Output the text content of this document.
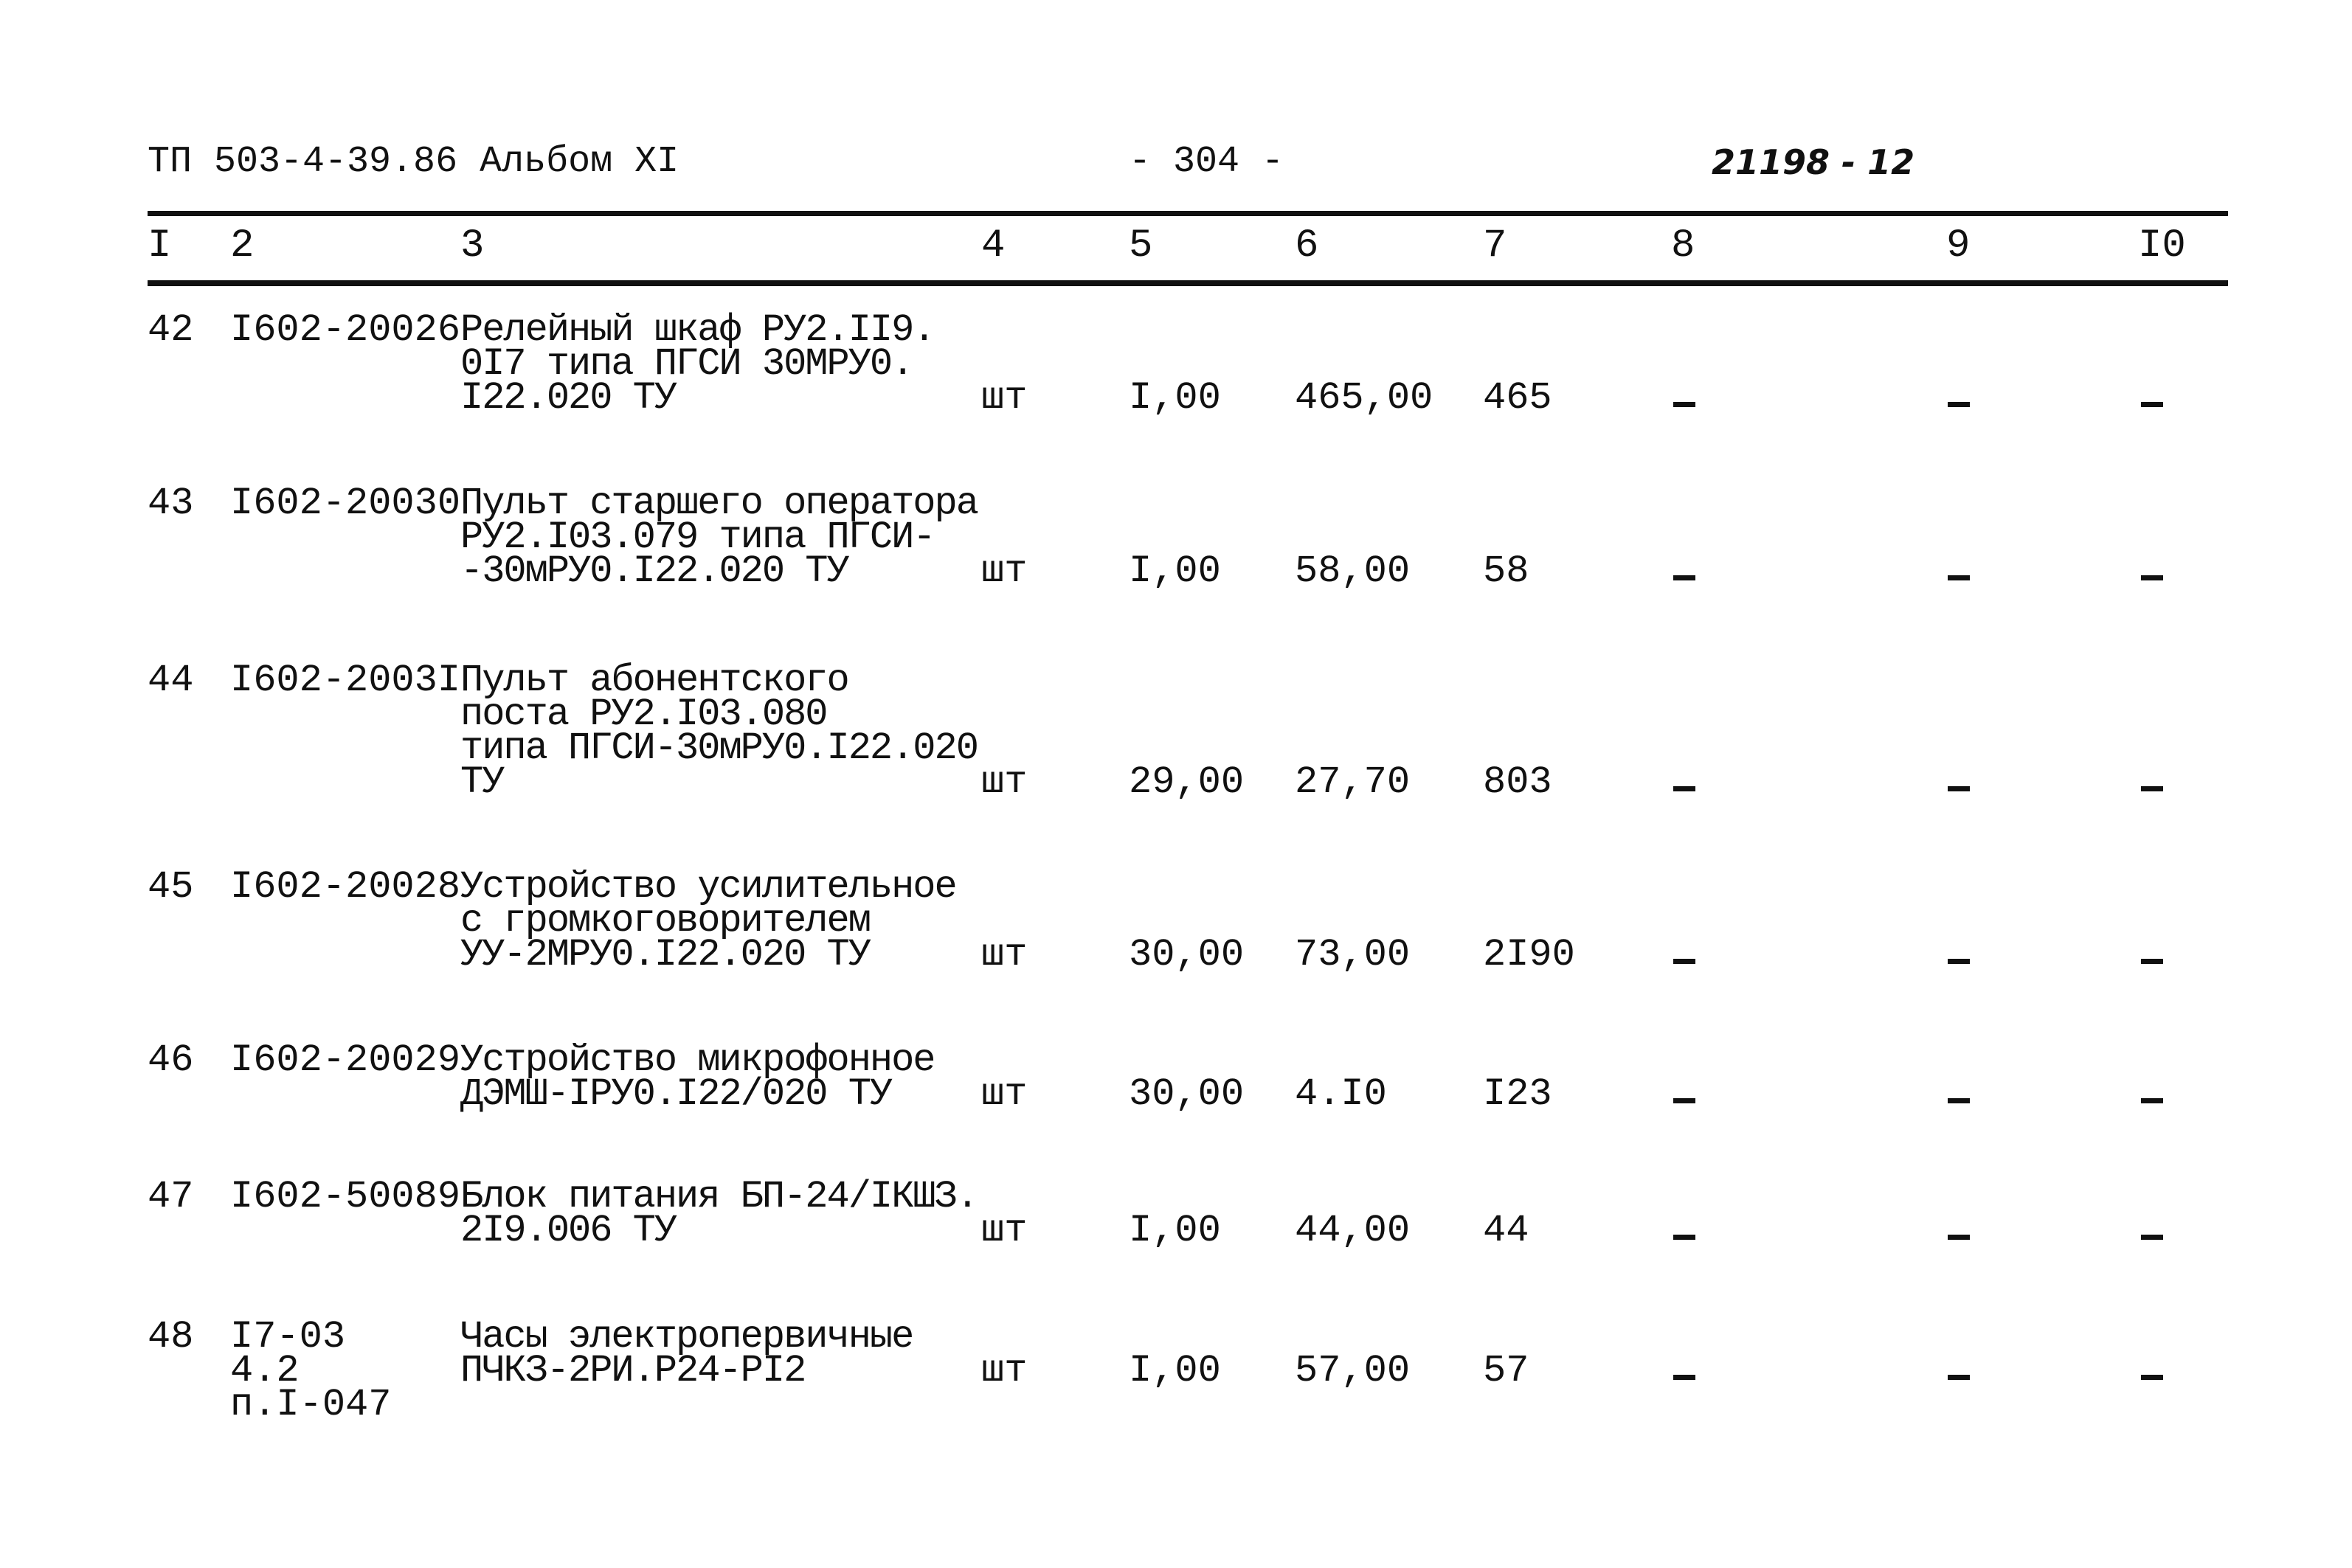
ТП 503-4-39.86 Альбом XI	- 304 -	21198 - 12
I 2	3	4	5	6	7	8	9	I0
42 I602-20026 Релейный шкаф РУ2.II9.
0I7 типа ПГСИ 30МРУ0.
I22.020 ТУ	шт	I,00 465,00 465
43 I602-20030 Пульт старшего оператора
РУ2.I03.079 типа ПГСИ-
-30мРУ0.I22.020 ТУ	шт	I,00 58,00 58
44 I602-2003I Пульт абонентского
поста РУ2.I03.080
типа ПГСИ-30мРУ0.I22.020
ТУ	шт	29,00 27,70 803
45 I602-20028 Устройство усилительное
с громкоговорителем
УУ-2МРУ0.I22.020 ТУ	шт	30,00 73,00 2I90
46 I602-20029 Устройство микрофонное
ДЭМШ-IРУ0.I22/020 ТУ шт	30,00 4.I0	I23
47 I602-50089 Блок питания БП-24/IКШЗ.
2I9.006 ТУ	шт	I,00 44,00 44
48 I7-03
4.2
п.I-047
Часы электропервичные
ПЧКЗ-2РИ.Р24-РI2	шт	I,00 57,00 57
